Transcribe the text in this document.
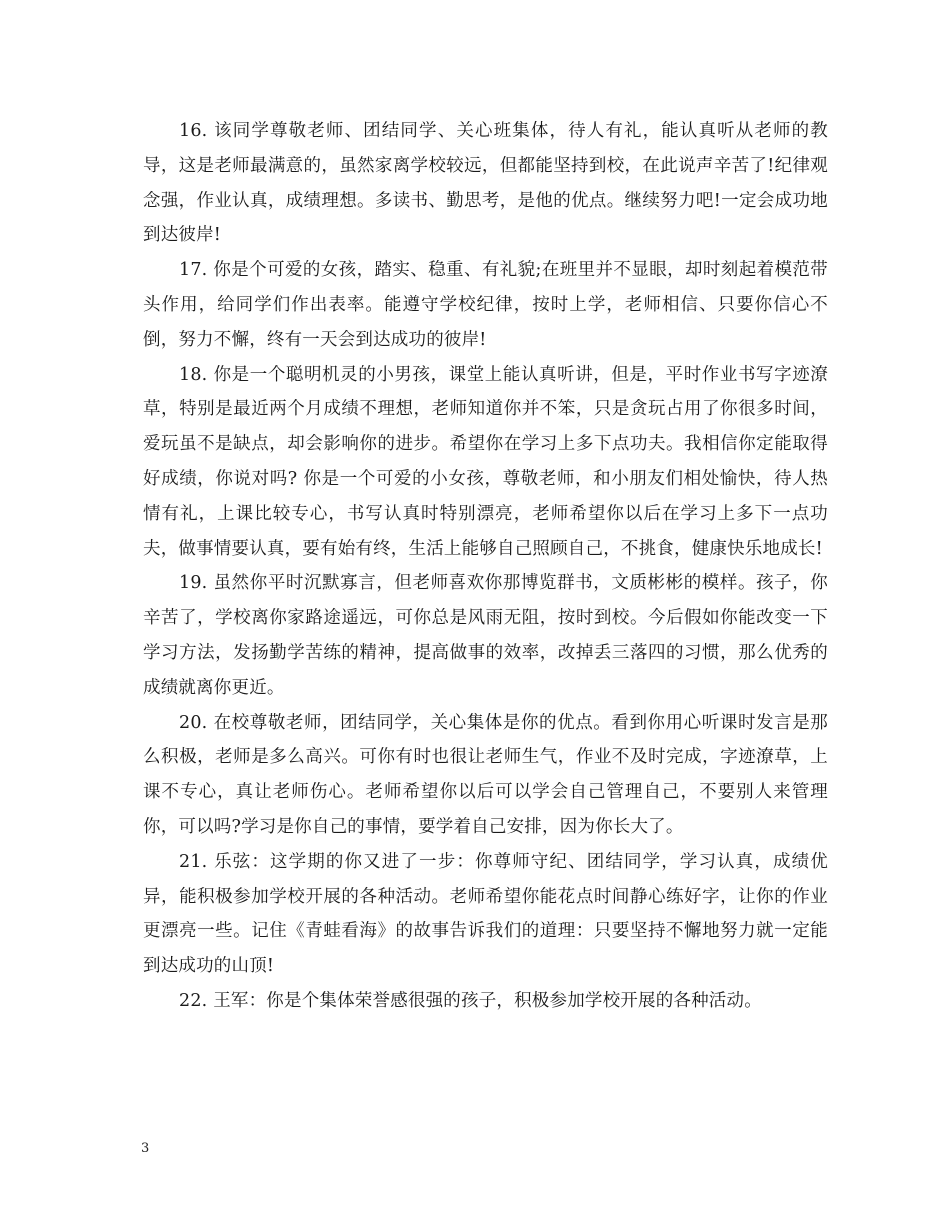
16. 该同学尊敬老师、团结同学、关心班集体，待人有礼，能认真听从老师的教导，这是老师最满意的，虽然家离学校较远，但都能坚持到校，在此说声辛苦了!纪律观念强，作业认真，成绩理想。多读书、勤思考，是他的优点。继续努力吧!一定会成功地到达彼岸!

17. 你是个可爱的女孩，踏实、稳重、有礼貌;在班里并不显眼，却时刻起着模范带头作用，给同学们作出表率。能遵守学校纪律，按时上学，老师相信、只要你信心不倒，努力不懈，终有一天会到达成功的彼岸!

18. 你是一个聪明机灵的小男孩，课堂上能认真听讲，但是，平时作业书写字迹潦草，特别是最近两个月成绩不理想，老师知道你并不笨，只是贪玩占用了你很多时间，爱玩虽不是缺点，却会影响你的进步。希望你在学习上多下点功夫。我相信你定能取得好成绩，你说对吗? 你是一个可爱的小女孩，尊敬老师，和小朋友们相处愉快，待人热情有礼，上课比较专心，书写认真时特别漂亮，老师希望你以后在学习上多下一点功夫，做事情要认真，要有始有终，生活上能够自己照顾自己，不挑食，健康快乐地成长!

19. 虽然你平时沉默寡言，但老师喜欢你那博览群书，文质彬彬的模样。孩子，你辛苦了，学校离你家路途遥远，可你总是风雨无阻，按时到校。今后假如你能改变一下学习方法，发扬勤学苦练的精神，提高做事的效率，改掉丢三落四的习惯，那么优秀的成绩就离你更近。

20. 在校尊敬老师，团结同学，关心集体是你的优点。看到你用心听课时发言是那么积极，老师是多么高兴。可你有时也很让老师生气，作业不及时完成，字迹潦草，上课不专心，真让老师伤心。老师希望你以后可以学会自己管理自己，不要别人来管理你，可以吗?学习是你自己的事情，要学着自己安排，因为你长大了。

21. 乐弦：这学期的你又进了一步：你尊师守纪、团结同学，学习认真，成绩优异，能积极参加学校开展的各种活动。老师希望你能花点时间静心练好字，让你的作业更漂亮一些。记住《青蛙看海》的故事告诉我们的道理：只要坚持不懈地努力就一定能到达成功的山顶!

22. 王军：你是个集体荣誉感很强的孩子，积极参加学校开展的各种活动。

3
